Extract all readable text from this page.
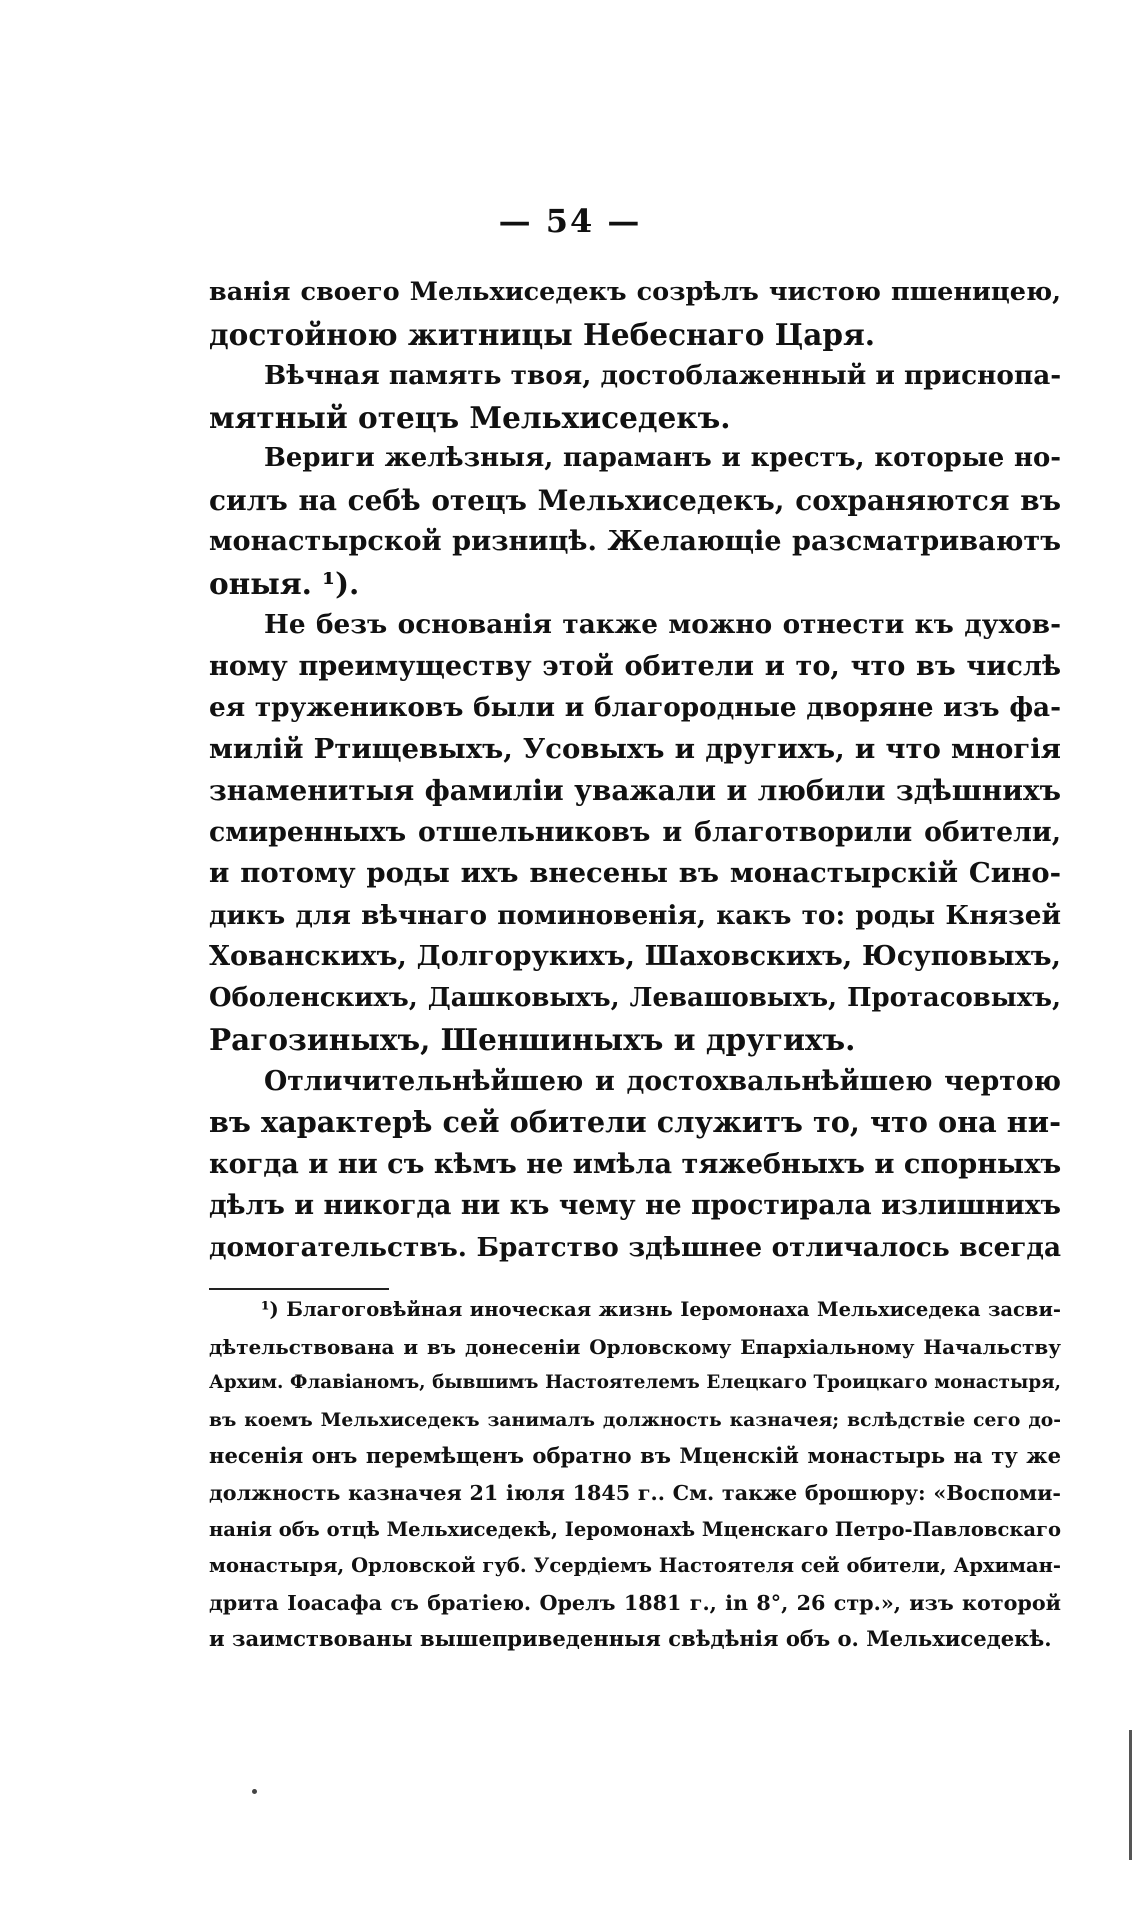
— 54 —
ванія своего Мельхиседекъ созрѣлъ чистою пшеницею,
достойною житницы Небеснаго Царя.
Вѣчная память твоя, достоблаженный и приснопа-
мятный отецъ Мельхиседекъ.
Вериги желѣзныя, параманъ и крестъ, которые но-
силъ на себѣ отецъ Мельхиседекъ, сохраняются въ
монастырской ризницѣ. Желающіе разсматриваютъ
оныя. ¹).
Не безъ основанія также можно отнести къ духов-
ному преимуществу этой обители и то, что въ числѣ
ея тружениковъ были и благородные дворяне изъ фа-
милій Ртищевыхъ, Усовыхъ и другихъ, и что многія
знаменитыя фамиліи уважали и любили здѣшнихъ
смиренныхъ отшельниковъ и благотворили обители,
и потому роды ихъ внесены въ монастырскій Сино-
дикъ для вѣчнаго поминовенія, какъ то: роды Князей
Хованскихъ, Долгорукихъ, Шаховскихъ, Юсуповыхъ,
Оболенскихъ, Дашковыхъ, Левашовыхъ, Протасовыхъ,
Рагозиныхъ, Шеншиныхъ и другихъ.
Отличительнѣйшею и достохвальнѣйшею чертою
въ характерѣ сей обители служитъ то, что она ни-
когда и ни съ кѣмъ не имѣла тяжебныхъ и спорныхъ
дѣлъ и никогда ни къ чему не простирала излишнихъ
домогательствъ. Братство здѣшнее отличалось всегда
¹) Благоговѣйная иноческая жизнь Іеромонаха Мельхиседека засви-
дѣтельствована и въ донесеніи Орловскому Епархіальному Начальству
Архим. Флавіаномъ, бывшимъ Настоятелемъ Елецкаго Троицкаго монастыря,
въ коемъ Мельхиседекъ занималъ должность казначея; вслѣдствіе сего до-
несенія онъ перемѣщенъ обратно въ Мценскій монастырь на ту же
должность казначея 21 іюля 1845 г.. См. также брошюру: «Воспоми-
нанія объ отцѣ Мельхиседекѣ, Іеромонахѣ Мценскаго Петро-Павловскаго
монастыря, Орловской губ. Усердіемъ Настоятеля сей обители, Архиман-
дрита Іоасафа съ братіею. Орелъ 1881 г., in 8°, 26 стр.», изъ которой
и заимствованы вышеприведенныя свѣдѣнія объ о. Мельхиседекѣ.
